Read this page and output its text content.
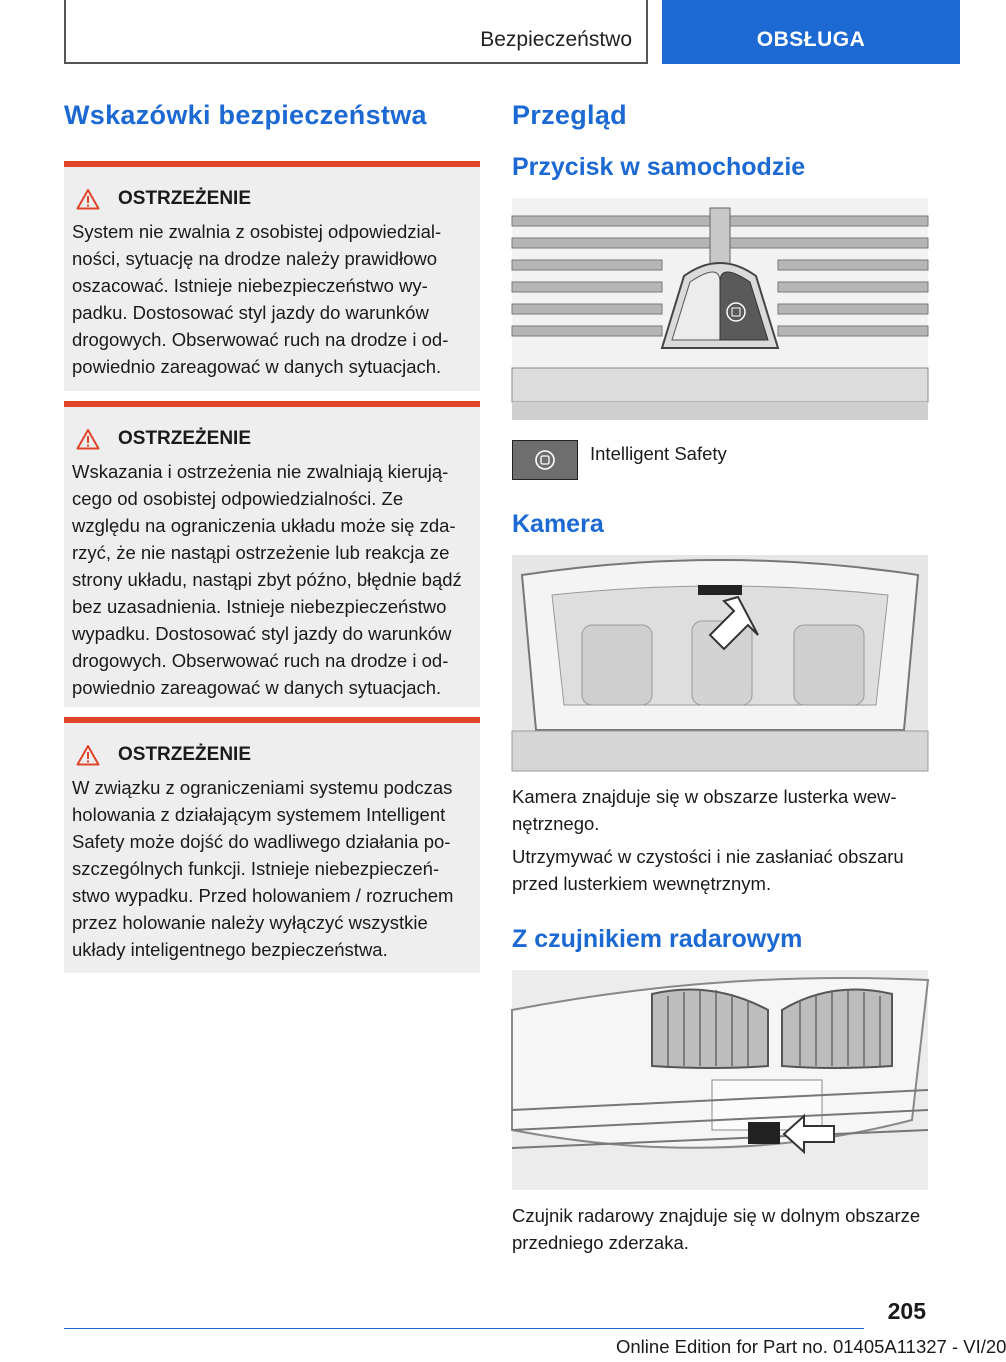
Bezpieczeństwo	OBSŁUGA
Wskazówki bezpieczeństwa
OSTRZEŻENIE
System nie zwalnia z osobistej odpowiedzial-
ności, sytuację na drodze należy prawidłowo
oszacować. Istnieje niebezpieczeństwo wy-
padku. Dostosować styl jazdy do warunków
drogowych. Obserwować ruch na drodze i od-
powiednio zareagować w danych sytuacjach.
OSTRZEŻENIE
Wskazania i ostrzeżenia nie zwalniają kierują-
cego od osobistej odpowiedzialności. Ze
względu na ograniczenia układu może się zda-
rzyć, że nie nastąpi ostrzeżenie lub reakcja ze
strony układu, nastąpi zbyt późno, błędnie bądź
bez uzasadnienia. Istnieje niebezpieczeństwo
wypadku. Dostosować styl jazdy do warunków
drogowych. Obserwować ruch na drodze i od-
powiednio zareagować w danych sytuacjach.
OSTRZEŻENIE
W związku z ograniczeniami systemu podczas
holowania z działającym systemem Intelligent
Safety może dojść do wadliwego działania po-
szczególnych funkcji. Istnieje niebezpieczeń-
stwo wypadku. Przed holowaniem / rozruchem
przez holowanie należy wyłączyć wszystkie
układy inteligentnego bezpieczeństwa.
Przegląd
Przycisk w samochodzie
Intelligent Safety
Kamera
Kamera znajduje się w obszarze lusterka wew-
nętrznego.
Utrzymywać w czystości i nie zasłaniać obszaru
przed lusterkiem wewnętrznym.
Z czujnikiem radarowym
Czujnik radarowy znajduje się w dolnym obszarze
przedniego zderzaka.
205
Online Edition for Part no. 01405A11327 - VI/20
